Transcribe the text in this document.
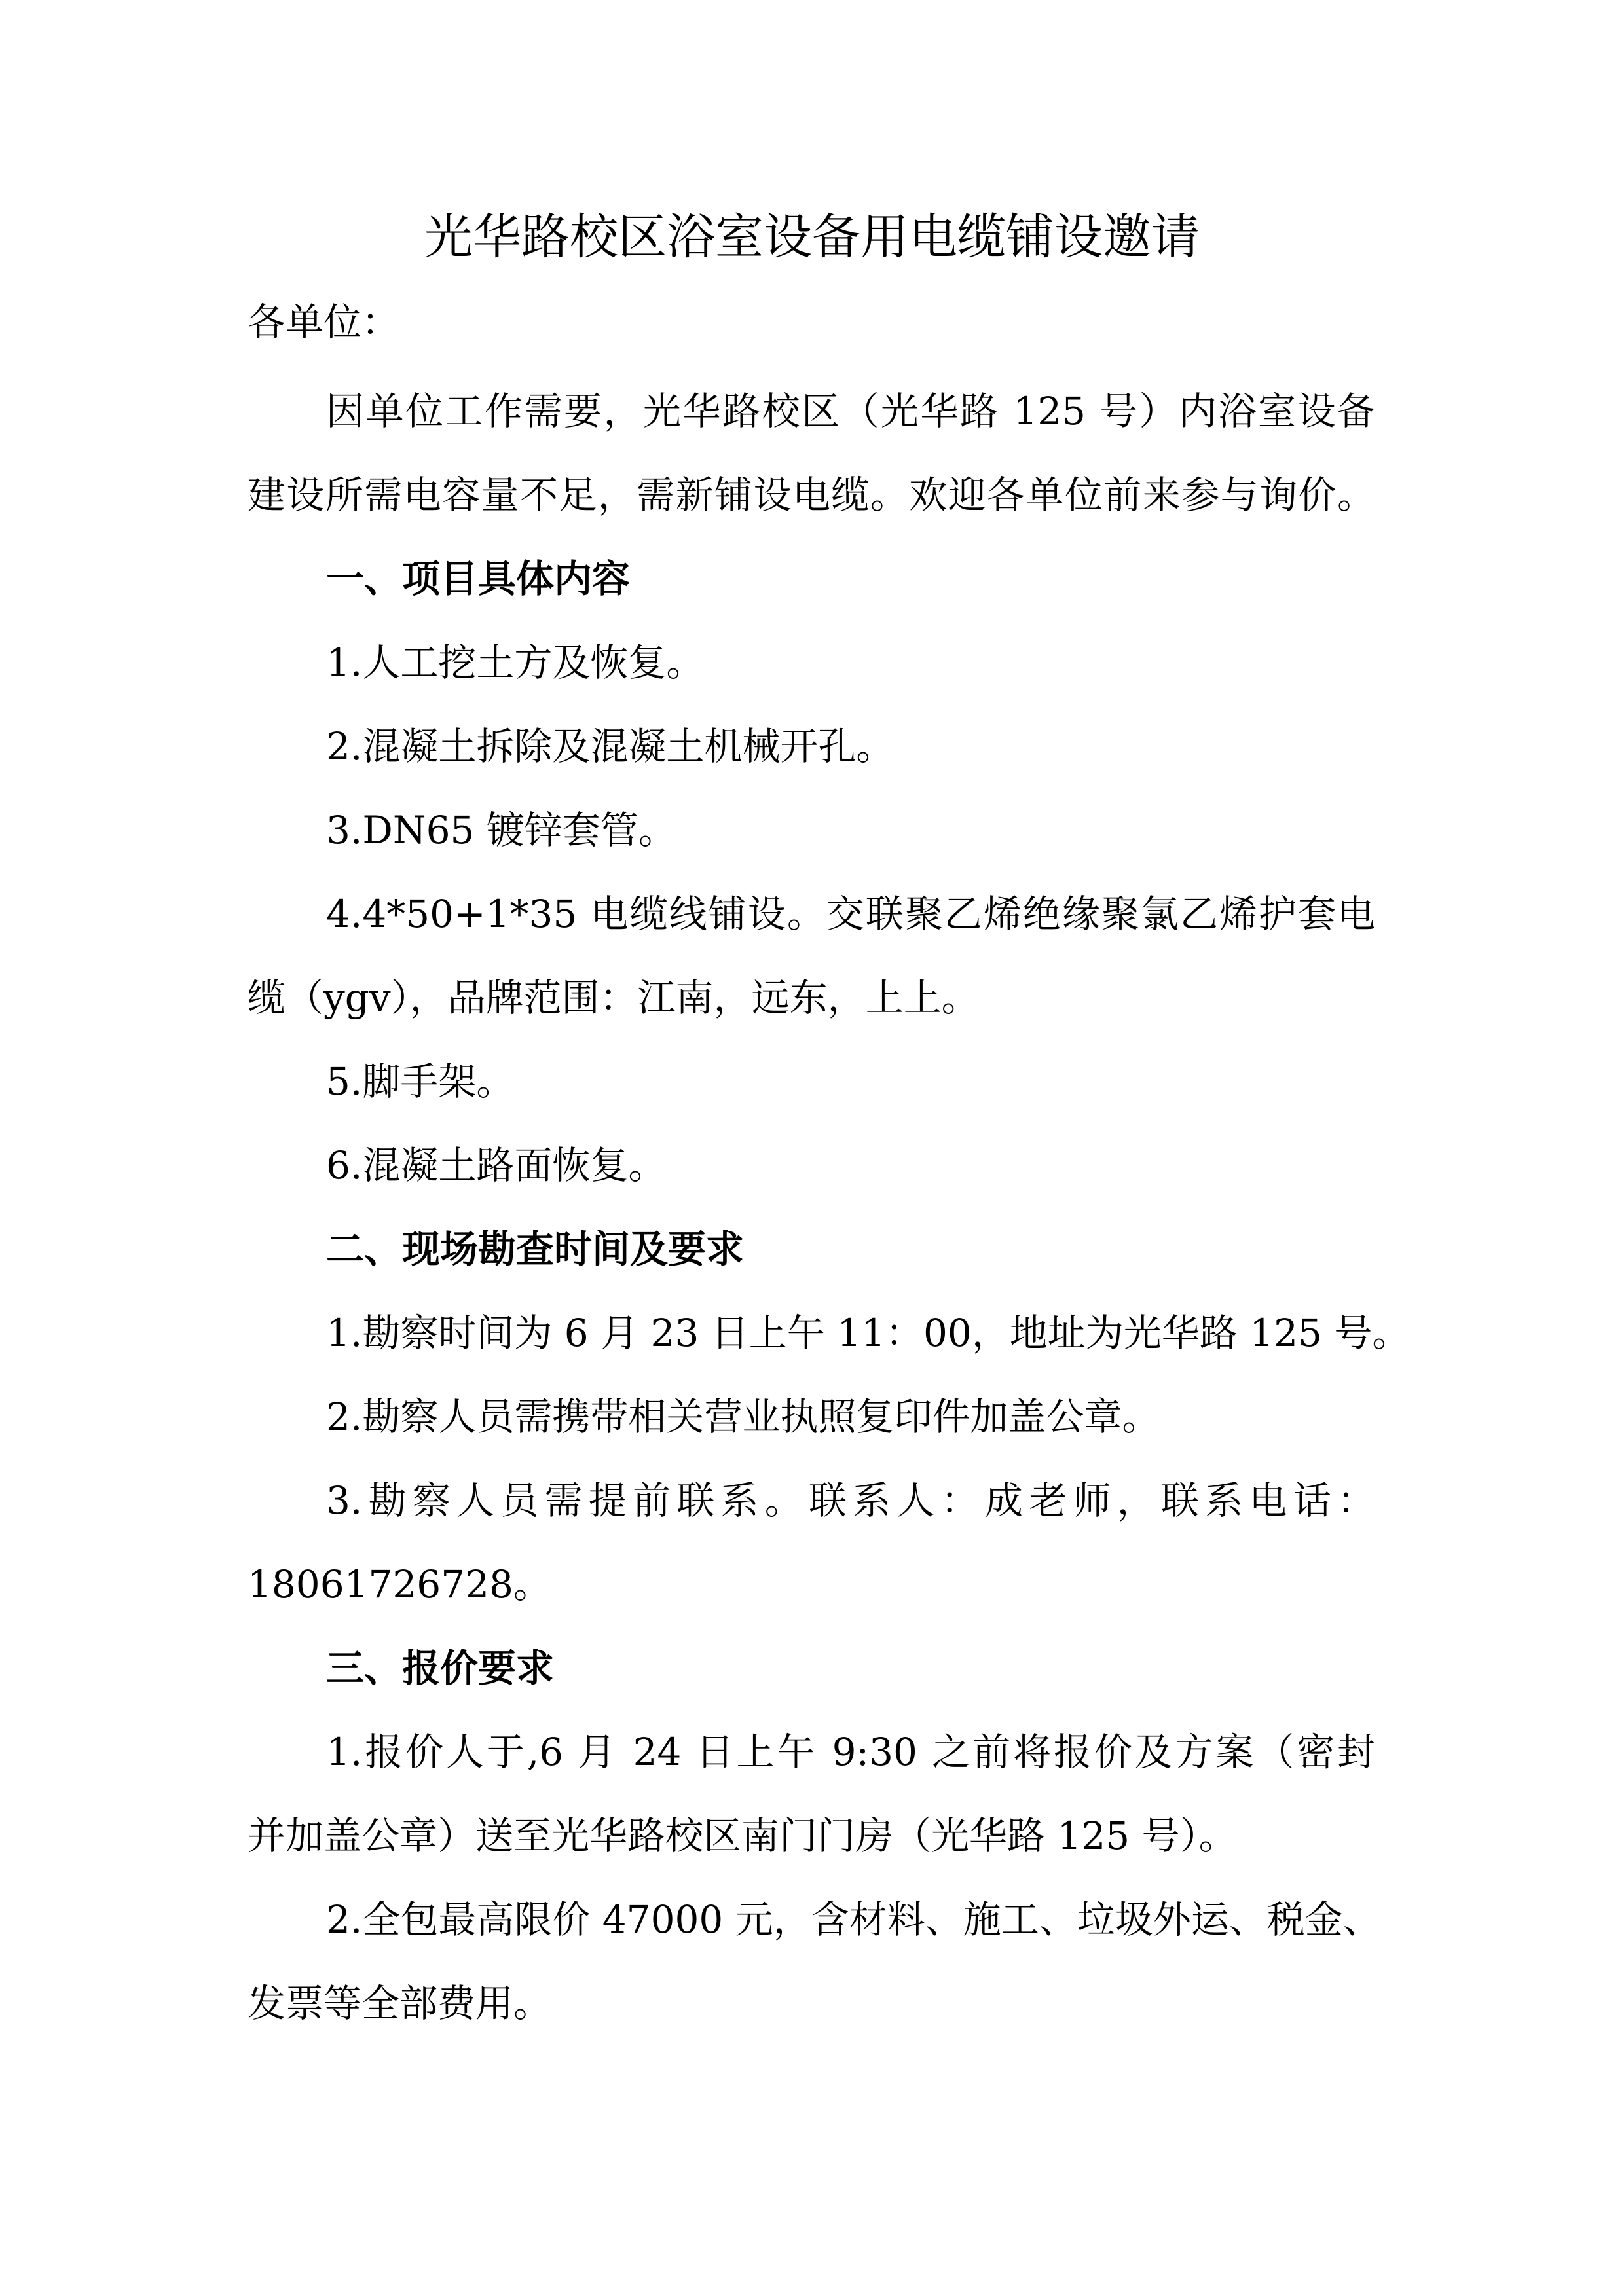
光华路校区浴室设备用电缆铺设邀请
各单位：
因单位工作需要，光华路校区（光华路 125 号）内浴室设备
建设所需电容量不足，需新铺设电缆。欢迎各单位前来参与询价。
一、项目具体内容
1.人工挖土方及恢复。
2.混凝土拆除及混凝土机械开孔。
3.DN65 镀锌套管。
4.4*50+1*35 电缆线铺设。交联聚乙烯绝缘聚氯乙烯护套电
缆（ygv），品牌范围：江南，远东，上上。
5.脚手架。
6.混凝土路面恢复。
二、现场勘查时间及要求
1.勘察时间为 6 月 23 日上午 11：00，地址为光华路 125 号。
2.勘察人员需携带相关营业执照复印件加盖公章。
3.勘察人员需提前联系。联系人：成老师，联系电话：
18061726728。
三、报价要求
1.报价人于,6 月 24 日上午 9:30 之前将报价及方案（密封
并加盖公章）送至光华路校区南门门房（光华路 125 号）。
2.全包最高限价 47000 元，含材料、施工、垃圾外运、税金、
发票等全部费用。
